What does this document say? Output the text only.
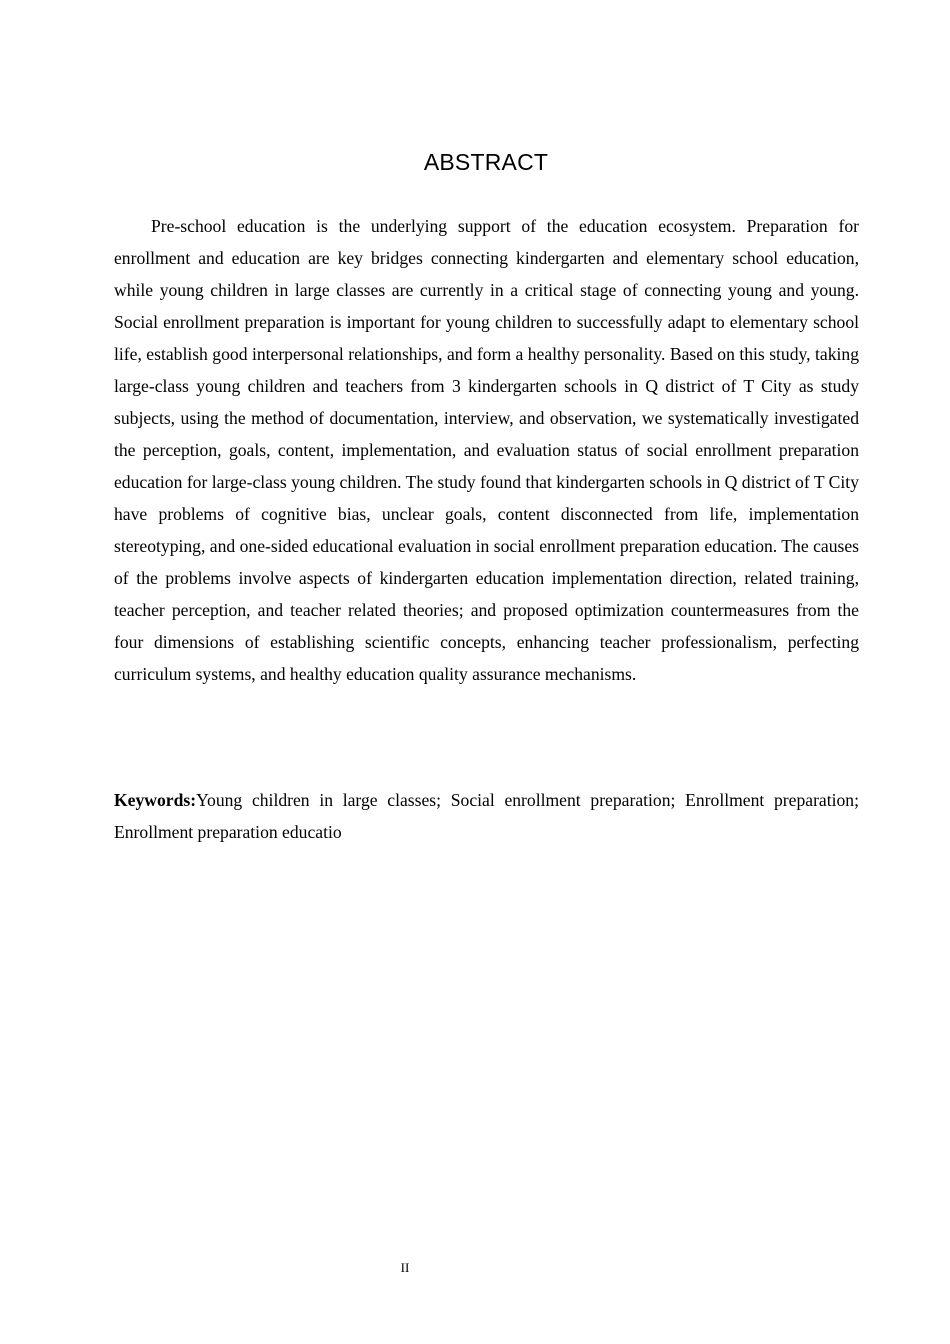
ABSTRACT

Pre-school education is the underlying support of the education ecosystem. Preparation for enrollment and education are key bridges connecting kindergarten and elementary school education, while young children in large classes are currently in a critical stage of connecting young and young. Social enrollment preparation is important for young children to successfully adapt to elementary school life, establish good interpersonal relationships, and form a healthy personality. Based on this study, taking large-class young children and teachers from 3 kindergarten schools in Q district of T City as study subjects, using the method of documentation, interview, and observation, we systematically investigated the perception, goals, content, implementation, and evaluation status of social enrollment preparation education for large-class young children. The study found that kindergarten schools in Q district of T City have problems of cognitive bias, unclear goals, content disconnected from life, implementation stereotyping, and one-sided educational evaluation in social enrollment preparation education. The causes of the problems involve aspects of kindergarten education implementation direction, related training, teacher perception, and teacher related theories; and proposed optimization countermeasures from the four dimensions of establishing scientific concepts, enhancing teacher professionalism, perfecting curriculum systems, and healthy education quality assurance mechanisms.

Keywords:Young children in large classes; Social enrollment preparation; Enrollment preparation; Enrollment preparation educatio

II
